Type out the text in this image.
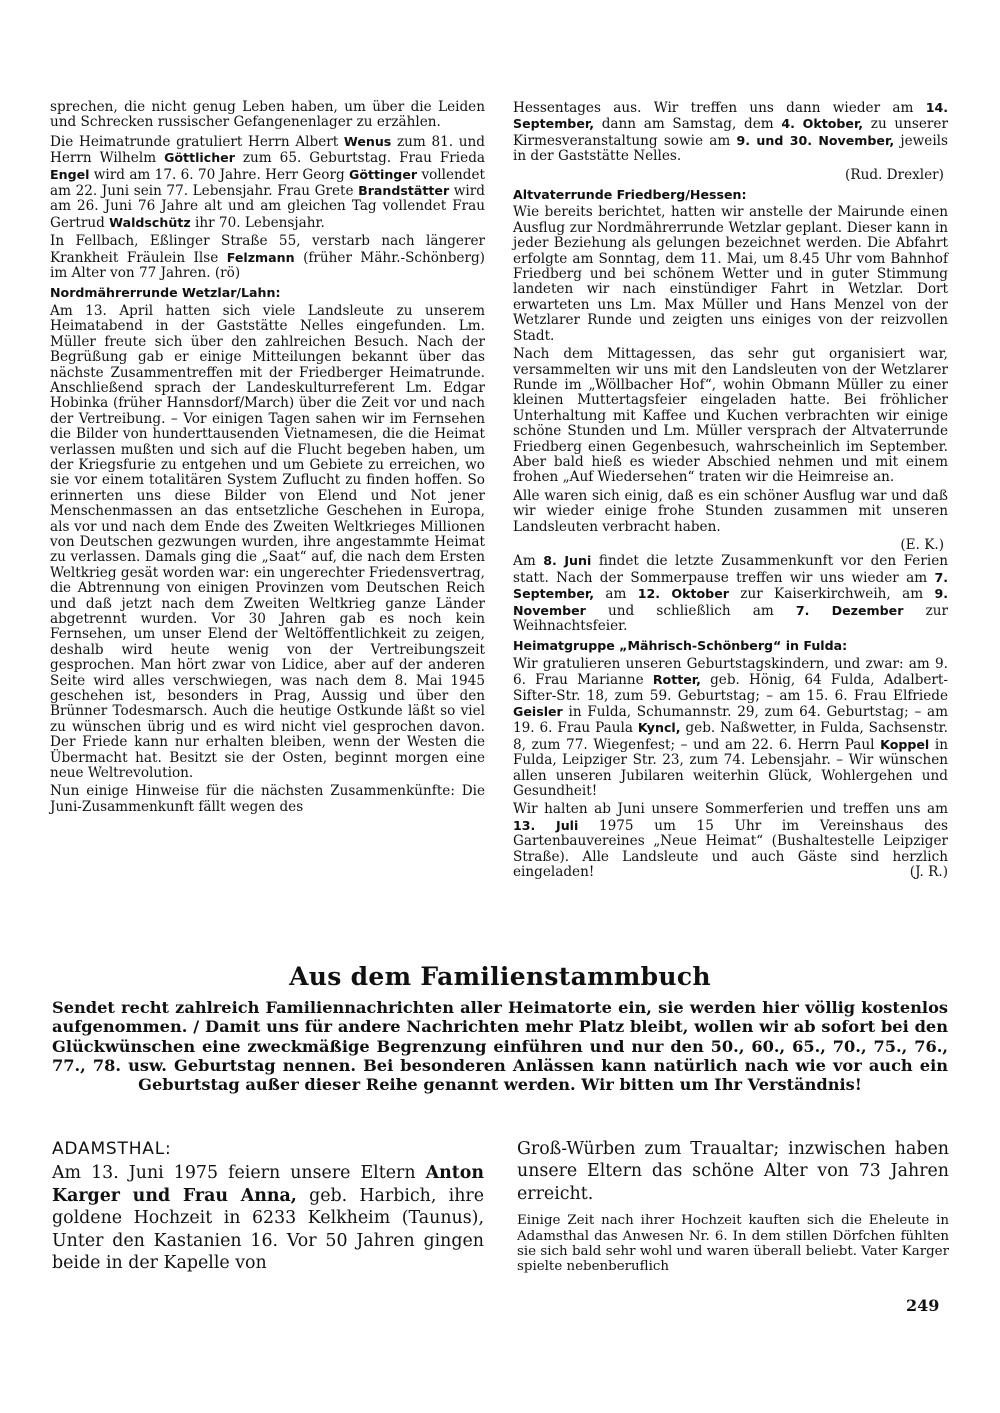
sprechen, die nicht genug Leben haben, um über die Leiden und Schrecken russischer Gefangenenlager zu erzählen.

Die Heimatrunde gratuliert Herrn Albert Wenus zum 81. und Herrn Wilhelm Göttlicher zum 65. Geburtstag. Frau Frieda Engel wird am 17. 6. 70 Jahre. Herr Georg Göttinger vollendet am 22. Juni sein 77. Lebensjahr. Frau Grete Brandstätter wird am 26. Juni 76 Jahre alt und am gleichen Tag vollendet Frau Gertrud Waldschütz ihr 70. Lebensjahr.

In Fellbach, Eßlinger Straße 55, verstarb nach längerer Krankheit Fräulein Ilse Felzmann (früher Mähr.-Schönberg) im Alter von 77 Jahren. (rö)

Nordmährerrunde Wetzlar/Lahn:

Am 13. April hatten sich viele Landsleute zu unserem Heimatabend in der Gaststätte Nelles eingefunden. Lm. Müller freute sich über den zahlreichen Besuch. Nach der Begrüßung gab er einige Mitteilungen bekannt über das nächste Zusammentreffen mit der Friedberger Heimatrunde. Anschließend sprach der Landeskulturreferent Lm. Edgar Hobinka (früher Hannsdorf/March) über die Zeit vor und nach der Vertreibung. – Vor einigen Tagen sahen wir im Fernsehen die Bilder von hunderttausenden Vietnamesen, die die Heimat verlassen mußten und sich auf die Flucht begeben haben, um der Kriegsfurie zu entgehen und um Gebiete zu erreichen, wo sie vor einem totalitären System Zuflucht zu finden hoffen. So erinnerten uns diese Bilder von Elend und Not jener Menschenmassen an das entsetzliche Geschehen in Europa, als vor und nach dem Ende des Zweiten Weltkrieges Millionen von Deutschen gezwungen wurden, ihre angestammte Heimat zu verlassen. Damals ging die „Saat“ auf, die nach dem Ersten Weltkrieg gesät worden war: ein ungerechter Friedensvertrag, die Abtrennung von einigen Provinzen vom Deutschen Reich und daß jetzt nach dem Zweiten Weltkrieg ganze Länder abgetrennt wurden. Vor 30 Jahren gab es noch kein Fernsehen, um unser Elend der Weltöffentlichkeit zu zeigen, deshalb wird heute wenig von der Vertreibungszeit gesprochen. Man hört zwar von Lidice, aber auf der anderen Seite wird alles verschwiegen, was nach dem 8. Mai 1945 geschehen ist, besonders in Prag, Aussig und über den Brünner Todesmarsch. Auch die heutige Ostkunde läßt so viel zu wünschen übrig und es wird nicht viel gesprochen davon. Der Friede kann nur erhalten bleiben, wenn der Westen die Übermacht hat. Besitzt sie der Osten, beginnt morgen eine neue Weltrevolution.

Nun einige Hinweise für die nächsten Zusammenkünfte: Die Juni-Zusammenkunft fällt wegen des

Hessentages aus. Wir treffen uns dann wieder am 14. September, dann am Samstag, dem 4. Oktober, zu unserer Kirmesveranstaltung sowie am 9. und 30. November, jeweils in der Gaststätte Nelles.

(Rud. Drexler)
Altvaterrunde Friedberg/Hessen:

Wie bereits berichtet, hatten wir anstelle der Mairunde einen Ausflug zur Nordmährerrunde Wetzlar geplant. Dieser kann in jeder Beziehung als gelungen bezeichnet werden. Die Abfahrt erfolgte am Sonntag, dem 11. Mai, um 8.45 Uhr vom Bahnhof Friedberg und bei schönem Wetter und in guter Stimmung landeten wir nach einstündiger Fahrt in Wetzlar. Dort erwarteten uns Lm. Max Müller und Hans Menzel von der Wetzlarer Runde und zeigten uns einiges von der reizvollen Stadt.

Nach dem Mittagessen, das sehr gut organisiert war, versammelten wir uns mit den Landsleuten von der Wetzlarer Runde im „Wöllbacher Hof“, wohin Obmann Müller zu einer kleinen Muttertagsfeier eingeladen hatte. Bei fröhlicher Unterhaltung mit Kaffee und Kuchen verbrachten wir einige schöne Stunden und Lm. Müller versprach der Altvaterrunde Friedberg einen Gegenbesuch, wahrscheinlich im September. Aber bald hieß es wieder Abschied nehmen und mit einem frohen „Auf Wiedersehen“ traten wir die Heimreise an.

Alle waren sich einig, daß es ein schöner Ausflug war und daß wir wieder einige frohe Stunden zusammen mit unseren Landsleuten verbracht haben.

(E. K.)

Am 8. Juni findet die letzte Zusammenkunft vor den Ferien statt. Nach der Sommerpause treffen wir uns wieder am 7. September, am 12. Oktober zur Kaiserkirchweih, am 9. November und schließlich am 7. Dezember zur Weihnachtsfeier.

Heimatgruppe „Mährisch-Schönberg“ in Fulda:

Wir gratulieren unseren Geburtstagskindern, und zwar: am 9. 6. Frau Marianne Rotter, geb. Hönig, 64 Fulda, Adalbert-Sifter-Str. 18, zum 59. Geburtstag; – am 15. 6. Frau Elfriede Geisler in Fulda, Schumannstr. 29, zum 64. Geburtstag; – am 19. 6. Frau Paula Kyncl, geb. Naßwetter, in Fulda, Sachsenstr. 8, zum 77. Wiegenfest; – und am 22. 6. Herrn Paul Koppel in Fulda, Leipziger Str. 23, zum 74. Lebensjahr. – Wir wünschen allen unseren Jubilaren weiterhin Glück, Wohlergehen und Gesundheit!

Wir halten ab Juni unsere Sommerferien und treffen uns am 13. Juli 1975 um 15 Uhr im Vereinshaus des Gartenbauvereines „Neue Heimat“ (Bushaltestelle Leipziger Straße). Alle Landsleute und auch Gäste sind herzlich eingeladen!	(J. R.)

Aus dem Familienstammbuch

Sendet recht zahlreich Familiennachrichten aller Heimatorte ein, sie werden hier völlig kostenlos aufgenommen. / Damit uns für andere Nachrichten mehr Platz bleibt, wollen wir ab sofort bei den Glückwünschen eine zweckmäßige Begrenzung einführen und nur den 50., 60., 65., 70., 75., 76., 77., 78. usw. Geburtstag nennen. Bei besonderen Anlässen kann natürlich nach wie vor auch ein Geburtstag außer dieser Reihe genannt werden. Wir bitten um Ihr Verständnis!

ADAMSTHAL:

Am 13. Juni 1975 feiern unsere Eltern Anton Karger und Frau Anna, geb. Harbich, ihre goldene Hochzeit in 6233 Kelkheim (Taunus), Unter den Kastanien 16. Vor 50 Jahren gingen beide in der Kapelle von

Groß-Würben zum Traualtar; inzwischen haben unsere Eltern das schöne Alter von 73 Jahren erreicht.

Einige Zeit nach ihrer Hochzeit kauften sich die Eheleute in Adamsthal das Anwesen Nr. 6. In dem stillen Dörfchen fühlten sie sich bald sehr wohl und waren überall beliebt. Vater Karger spielte nebenberuflich

249
